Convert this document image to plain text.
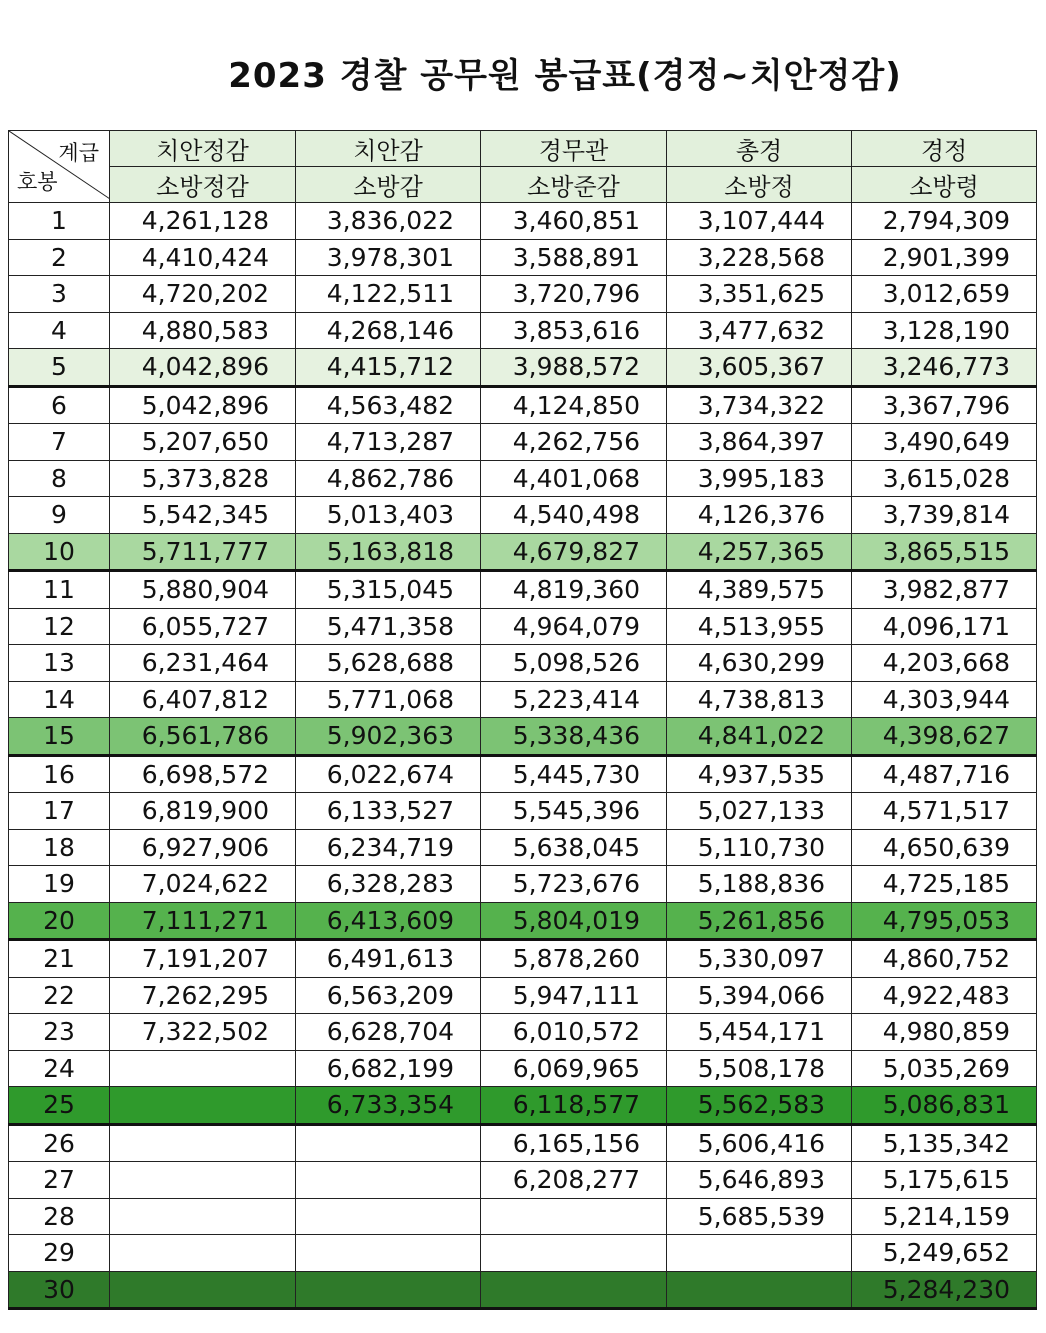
2023 경찰 공무원 봉급표(경정~치안정감)
계급
호봉	치안정감	치안감	경무관	총경	경정
	소방정감	소방감	소방준감	소방정	소방령
1	4,261,128	3,836,022	3,460,851	3,107,444	2,794,309
2	4,410,424	3,978,301	3,588,891	3,228,568	2,901,399
3	4,720,202	4,122,511	3,720,796	3,351,625	3,012,659
4	4,880,583	4,268,146	3,853,616	3,477,632	3,128,190
5	4,042,896	4,415,712	3,988,572	3,605,367	3,246,773
6	5,042,896	4,563,482	4,124,850	3,734,322	3,367,796
7	5,207,650	4,713,287	4,262,756	3,864,397	3,490,649
8	5,373,828	4,862,786	4,401,068	3,995,183	3,615,028
9	5,542,345	5,013,403	4,540,498	4,126,376	3,739,814
10	5,711,777	5,163,818	4,679,827	4,257,365	3,865,515
11	5,880,904	5,315,045	4,819,360	4,389,575	3,982,877
12	6,055,727	5,471,358	4,964,079	4,513,955	4,096,171
13	6,231,464	5,628,688	5,098,526	4,630,299	4,203,668
14	6,407,812	5,771,068	5,223,414	4,738,813	4,303,944
15	6,561,786	5,902,363	5,338,436	4,841,022	4,398,627
16	6,698,572	6,022,674	5,445,730	4,937,535	4,487,716
17	6,819,900	6,133,527	5,545,396	5,027,133	4,571,517
18	6,927,906	6,234,719	5,638,045	5,110,730	4,650,639
19	7,024,622	6,328,283	5,723,676	5,188,836	4,725,185
20	7,111,271	6,413,609	5,804,019	5,261,856	4,795,053
21	7,191,207	6,491,613	5,878,260	5,330,097	4,860,752
22	7,262,295	6,563,209	5,947,111	5,394,066	4,922,483
23	7,322,502	6,628,704	6,010,572	5,454,171	4,980,859
24		6,682,199	6,069,965	5,508,178	5,035,269
25		6,733,354	6,118,577	5,562,583	5,086,831
26			6,165,156	5,606,416	5,135,342
27			6,208,277	5,646,893	5,175,615
28				5,685,539	5,214,159
29					5,249,652
30					5,284,230
